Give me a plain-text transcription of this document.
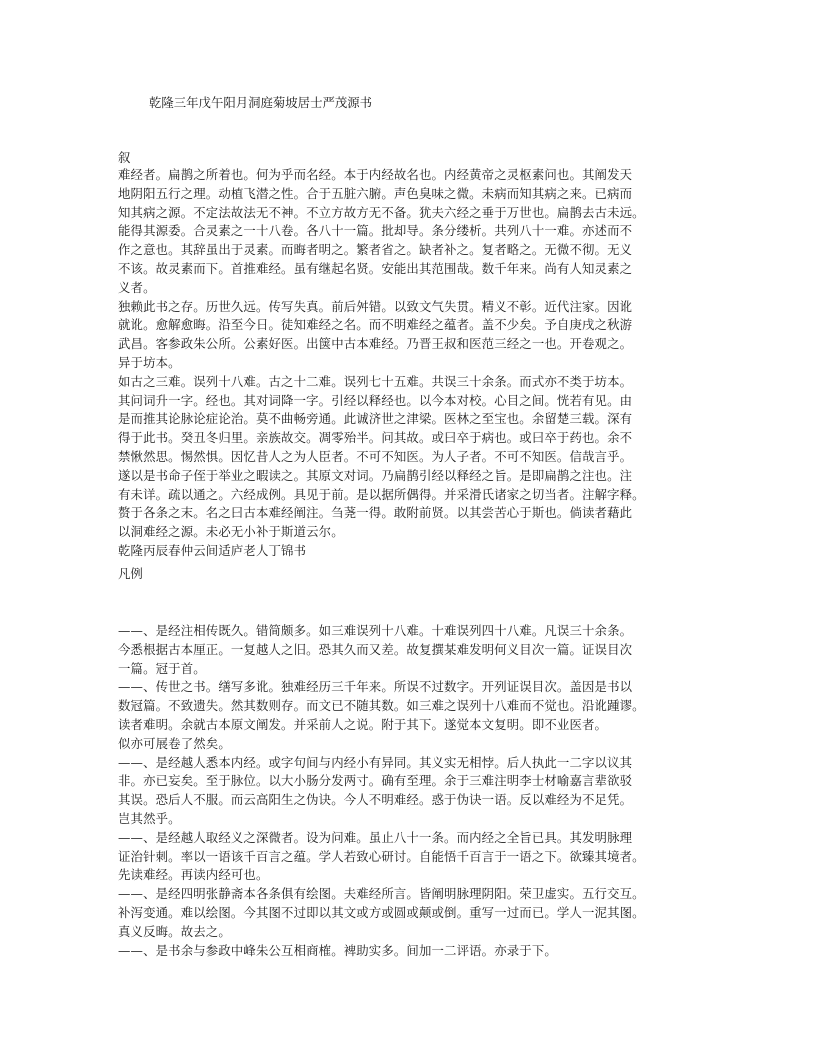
乾隆三年戊午阳月洞庭菊坡居士严茂源书
叙
难经者。扁鹊之所着也。何为乎而名经。本于内经故名也。内经黄帝之灵枢素问也。其阐发天
地阴阳五行之理。动植飞潜之性。合于五脏六腑。声色臭味之微。未病而知其病之来。已病而
知其病之源。不定法故法无不神。不立方故方无不备。犹夫六经之垂于万世也。扁鹊去古未远。
能得其源委。合灵素之一十八卷。各八十一篇。批却导。条分缕析。共列八十一难。亦述而不
作之意也。其辞虽出于灵素。而晦者明之。繁者省之。缺者补之。复者略之。无微不彻。无义
不该。故灵素而下。首推难经。虽有继起名贤。安能出其范围哉。数千年来。尚有人知灵素之
义者。
独赖此书之存。历世久远。传写失真。前后舛错。以致文气失贯。精义不彰。近代注家。因讹
就讹。愈解愈晦。沿至今日。徒知难经之名。而不明难经之蕴者。盖不少矣。予自庚戌之秋游
武昌。客参政朱公所。公素好医。出箧中古本难经。乃晋王叔和医范三经之一也。开卷观之。
异于坊本。
如古之三难。误列十八难。古之十二难。误列七十五难。共误三十余条。而式亦不类于坊本。
其问词升一字。经也。其对词降一字。引经以释经也。以今本对校。心目之间。恍若有见。由
是而推其论脉论症论治。莫不曲畅旁通。此诚济世之津梁。医林之至宝也。余留楚三载。深有
得于此书。癸丑冬归里。亲族故交。凋零殆半。问其故。或曰卒于病也。或曰卒于药也。余不
禁愀然思。惕然惧。因忆昔人之为人臣者。不可不知医。为人子者。不可不知医。信哉言乎。
遂以是书命子侄于举业之暇读之。其原文对词。乃扁鹊引经以释经之旨。是即扁鹊之注也。注
有未详。疏以通之。六经成例。具见于前。是以据所偶得。并采滑氏诸家之切当者。注解字释。
赘于各条之末。名之曰古本难经阐注。刍荛一得。敢附前贤。以其尝苦心于斯也。倘读者藉此
以洞难经之源。未必无小补于斯道云尔。
乾隆丙辰春仲云间适庐老人丁锦书
凡例
——、是经注相传既久。错简颇多。如三难误列十八难。十难误列四十八难。凡误三十余条。
今悉根据古本厘正。一复越人之旧。恐其久而又差。故复撰某难发明何义目次一篇。证误目次
一篇。冠于首。
——、传世之书。缮写多讹。独难经历三千年来。所误不过数字。开列证误目次。盖因是书以
数冠篇。不致遗失。然其数则存。而文已不随其数。如三难之误列十八难而不觉也。沿讹踵谬。
读者难明。余就古本原文阐发。并采前人之说。附于其下。遂觉本文复明。即不业医者。
似亦可展卷了然矣。
——、是经越人悉本内经。或字句间与内经小有异同。其义实无相悖。后人执此一二字以议其
非。亦已妄矣。至于脉位。以大小肠分发两寸。确有至理。余于三难注明李士材喻嘉言辈欲驳
其误。恐后人不服。而云高阳生之伪诀。今人不明难经。惑于伪诀一语。反以难经为不足凭。
岂其然乎。
——、是经越人取经义之深微者。设为问难。虽止八十一条。而内经之全旨已具。其发明脉理
证治针刺。率以一语该千百言之蕴。学人若致心研讨。自能悟千百言于一语之下。欲臻其境者。
先读难经。再读内经可也。
——、是经四明张静斋本各条俱有绘图。夫难经所言。皆阐明脉理阴阳。荣卫虚实。五行交互。
补泻变通。难以绘图。今其图不过即以其文或方或圆或颠或倒。重写一过而已。学人一泥其图。
真义反晦。故去之。
——、是书余与参政中峰朱公互相商榷。裨助实多。间加一二评语。亦录于下。
